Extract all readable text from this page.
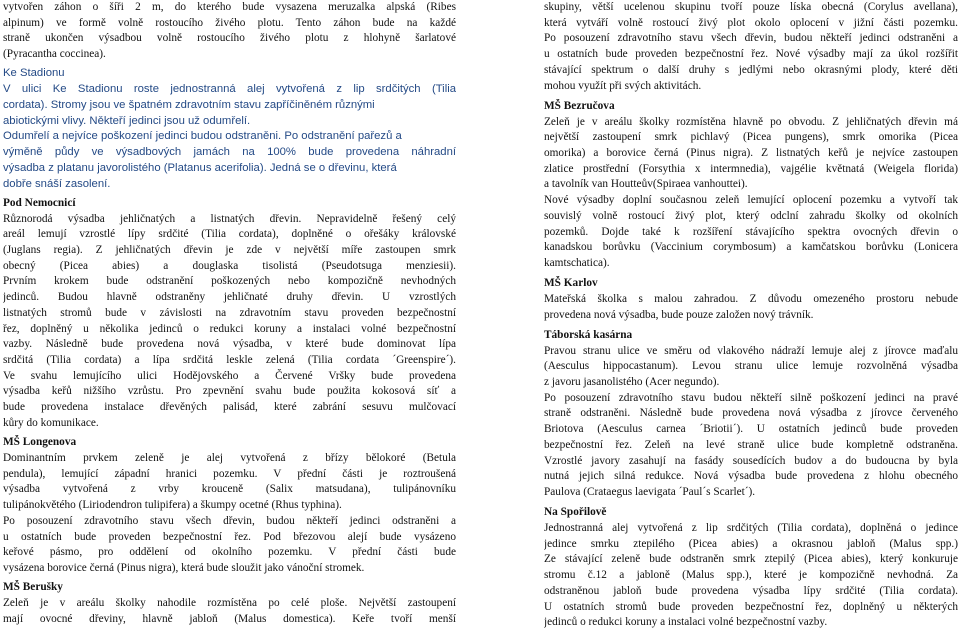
vytvořen záhon o šíři 2 m, do kterého bude vysazena meruzalka alpská (Ribes
alpinum) ve formě volně rostoucího živého plotu. Tento záhon bude na každé
straně ukončen výsadbou volně rostoucího živého plotu z hlohyně šarlatové
(Pyracantha coccinea).
Ke Stadionu
V ulici Ke Stadionu roste jednostranná alej vytvořená z lip srdčitých (Tilia
cordata). Stromy jsou ve špatném zdravotním stavu zapříčiněném různými
abiotickými vlivy. Někteří jedinci jsou už odumřelí.
Odumřelí a nejvíce poškození jedinci budou odstraněni. Po odstranění pařezů a
výměně půdy ve výsadbových jamách na 100% bude provedena náhradní
výsadba z platanu javorolistého (Platanus acerifolia). Jedná se o dřevinu, která
dobře snáší zasolení.
Pod Nemocnicí
Různorodá výsadba jehličnatých a listnatých dřevin. Nepravidelně řešený celý
areál lemují vzrostlé lípy srdčité (Tilia cordata), doplněné o ořešáky královské
(Juglans regia). Z jehličnatých dřevin je zde v největší míře zastoupen smrk
obecný (Picea abies) a douglaska tisolistá (Pseudotsuga menziesii).
Prvním krokem bude odstranění poškozených nebo kompozičně nevhodných
jedinců. Budou hlavně odstraněny jehličnaté druhy dřevin. U vzrostlých
listnatých stromů bude v závislosti na zdravotním stavu proveden bezpečnostní
řez, doplněný u několika jedinců o redukci koruny a instalaci volné bezpečnostní
vazby. Následně bude provedena nová výsadba, v které bude dominovat lípa
srdčitá (Tilia cordata) a lípa srdčitá leskle zelená (Tilia cordata ´Greenspire´).
Ve svahu lemujícího ulici Hodějovského a Červené Vršky bude provedena
výsadba keřů nižšího vzrůstu. Pro zpevnění svahu bude použita kokosová síť a
bude provedena instalace dřevěných palisád, které zabrání sesuvu mulčovací
kůry do komunikace.
MŠ Longenova
Dominantním prvkem zeleně je alej vytvořená z břízy bělokoré (Betula
pendula), lemující západní hranici pozemku. V přední části je roztroušená
výsadba vytvořená z vrby krouceně (Salix matsudana), tulipánovníku
tulipánokvětého (Liriodendron tulipifera) a škumpy ocetné (Rhus typhina).
Po posouzení zdravotního stavu všech dřevin, budou někteří jedinci odstraněni a
u ostatních bude proveden bezpečnostní řez. Pod březovou alejí bude vysázeno
keřové pásmo, pro oddělení od okolního pozemku. V přední části bude
vysázena borovice černá (Pinus nigra), která bude sloužit jako vánoční stromek.
MŠ Berušky
Zeleň je v areálu školky nahodile rozmístěna po celé ploše. Největší zastoupení
mají ovocné dřeviny, hlavně jabloň (Malus domestica). Keře tvoří menší
skupiny, větší ucelenou skupinu tvoří pouze líska obecná (Corylus avellana),
která vytváří volně rostoucí živý plot okolo oplocení v jižní části pozemku.
Po posouzení zdravotního stavu všech dřevin, budou někteří jedinci odstraněni a
u ostatních bude proveden bezpečnostní řez. Nové výsadby mají za úkol rozšířit
stávající spektrum o další druhy s jedlými nebo okrasnými plody, které děti
mohou využít při svých aktivitách.
MŠ Bezručova
Zeleň je v areálu školky rozmístěna hlavně po obvodu. Z jehličnatých dřevin má
největší zastoupení smrk pichlavý (Picea pungens), smrk omorika (Picea
omorika) a borovice černá (Pinus nigra). Z listnatých keřů je nejvíce zastoupen
zlatice prostřední (Forsythia x intermnedia), vajgélie květnatá (Weigela florida)
a tavolník van Houtteův(Spiraea vanhouttei).
Nové výsadby doplní současnou zeleň lemující oplocení pozemku a vytvoří tak
souvislý volně rostoucí živý plot, který odclní zahradu školky od okolních
pozemků. Dojde také k rozšíření stávajícího spektra ovocných dřevin o
kanadskou borůvku (Vaccinium corymbosum) a kamčatskou borůvku (Lonicera
kamtschatica).
MŠ Karlov
Mateřská školka s malou zahradou. Z důvodu omezeného prostoru nebude
provedena nová výsadba, bude pouze založen nový trávník.
Táborská kasárna
Pravou stranu ulice ve směru od vlakového nádraží lemuje alej z jírovce maďalu
(Aesculus hippocastanum). Levou stranu ulice lemuje rozvolněná výsadba
z javoru jasanolistého (Acer negundo).
Po posouzení zdravotního stavu budou někteří silně poškození jedinci na pravé
straně odstraněni. Následně bude provedena nová výsadba z jírovce červeného
Briotova (Aesculus carnea ´Briotii´). U ostatních jedinců bude proveden
bezpečnostní řez. Zeleň na levé straně ulice bude kompletně odstraněna.
Vzrostlé javory zasahují na fasády sousedících budov a do budoucna by byla
nutná jejich silná redukce. Nová výsadba bude provedena z hlohu obecného
Paulova (Crataegus laevigata ´Paul´s Scarlet´).
Na Spořilově
Jednostranná alej vytvořená z lip srdčitých (Tilia cordata), doplněná o jedince
jedince smrku ztepilého (Picea abies) a okrasnou jabloň (Malus spp.)
Ze stávající zeleně bude odstraněn smrk ztepilý (Picea abies), který konkuruje
stromu č.12 a jabloně (Malus spp.), které je kompozičně nevhodná. Za
odstraněnou jabloň bude provedena výsadba lípy srdčité (Tilia cordata).
U ostatních stromů bude proveden bezpečnostní řez, doplněný u některých
jedinců o redukci koruny a instalaci volné bezpečnostní vazby.
